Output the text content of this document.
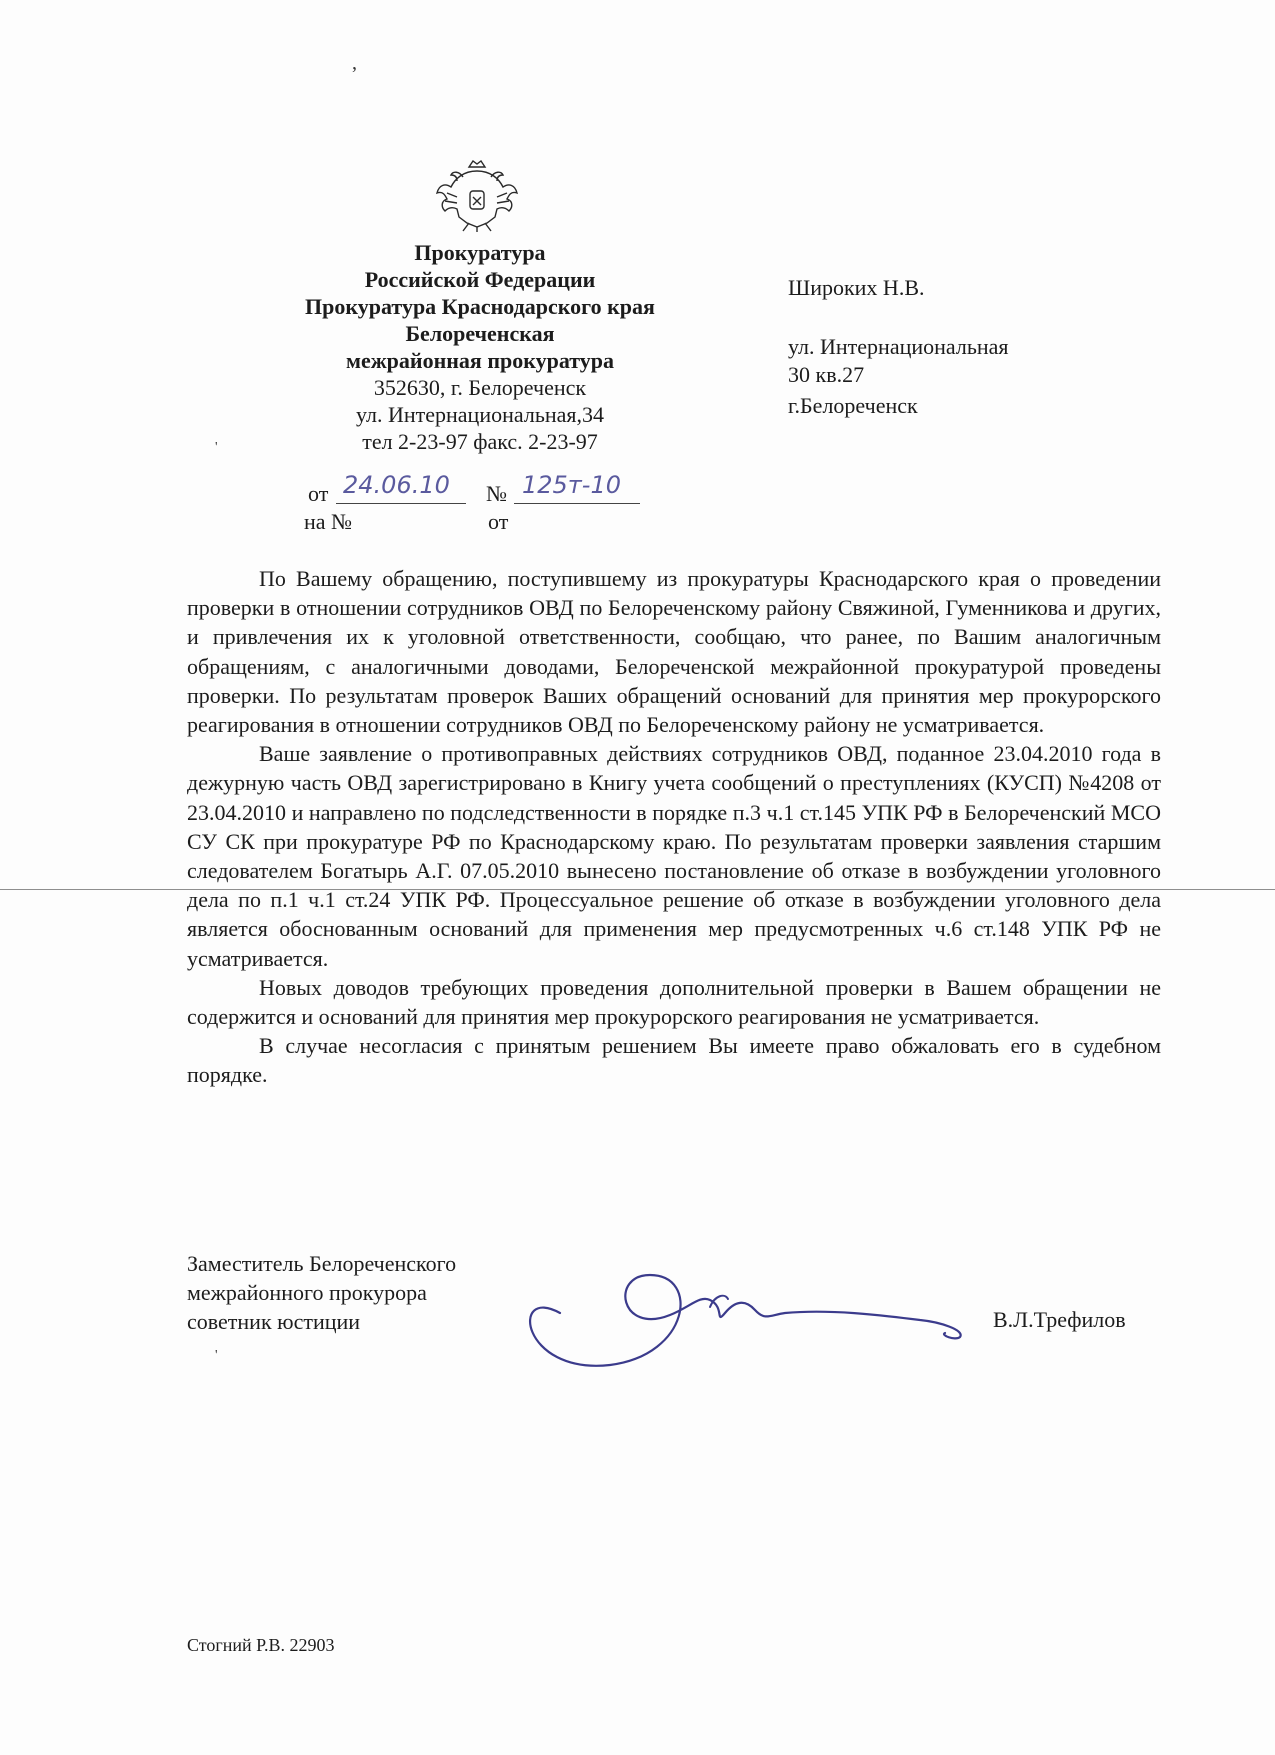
,
'
'
Прокуратура
Российской Федерации
Прокуратура Краснодарского края
Белореченская
межрайонная прокуратура
352630, г. Белореченск
ул. Интернациональная,34
тел 2-23-97 факс. 2-23-97
от 24.06.10 № 125т-10
на №	от
Широких Н.В.
ул. Интернациональная
30 кв.27
г.Белореченск

По Вашему обращению, поступившему из прокуратуры Краснодарского края о проведении проверки в отношении сотрудников ОВД по Белореченскому району Свяжиной, Гуменникова и других, и привлечения их к уголовной ответственности, сообщаю, что ранее, по Вашим аналогичным обращениям, с аналогичными доводами, Белореченской межрайонной прокуратурой проведены проверки. По результатам проверок Ваших обращений оснований для принятия мер прокурорского реагирования в отношении сотрудников ОВД по Белореченскому району не усматривается.

Ваше заявление о противоправных действиях сотрудников ОВД, поданное 23.04.2010 года в дежурную часть ОВД зарегистрировано в Книгу учета сообщений о преступлениях (КУСП) №4208 от 23.04.2010 и направлено по подследственности в порядке п.3 ч.1 ст.145 УПК РФ в Белореченский МСО СУ СК при прокуратуре РФ по Краснодарскому краю. По результатам проверки заявления старшим следователем Богатырь А.Г. 07.05.2010 вынесено постановление об отказе в возбуждении уголовного дела по п.1 ч.1 ст.24 УПК РФ. Процессуальное решение об отказе в возбуждении уголовного дела является обоснованным оснований для применения мер предусмотренных ч.6 ст.148 УПК РФ не усматривается.

Новых доводов требующих проведения дополнительной проверки в Вашем обращении не содержится и оснований для принятия мер прокурорского реагирования не усматривается.

В случае несогласия с принятым решением Вы имеете право обжаловать его в судебном порядке.

Заместитель Белореченского
межрайонного прокурора
советник юстиции	В.Л.Трефилов
Стогний Р.В. 22903
